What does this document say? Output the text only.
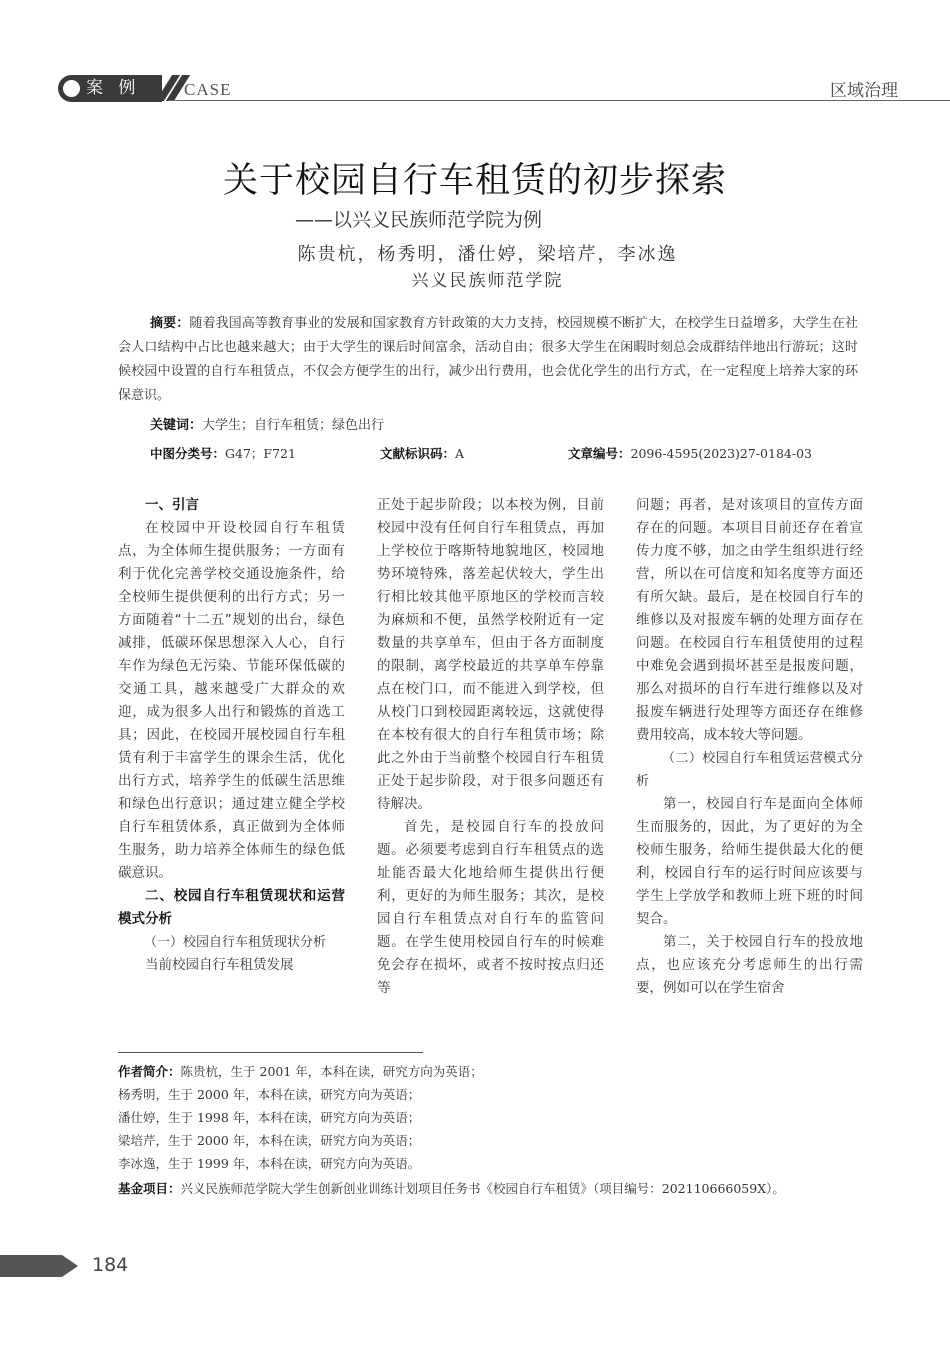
案 例	CASE	区域治理
关于校园自行车租赁的初步探索
——以兴义民族师范学院为例
陈贵杭，杨秀明，潘仕婷，梁培芹，李冰逸
兴义民族师范学院
摘要：随着我国高等教育事业的发展和国家教育方针政策的大力支持，校园规模不断扩大，在校学生日益增多，大学生在社会人口结构中占比也越来越大；由于大学生的课后时间富余，活动自由；很多大学生在闲暇时刻总会成群结伴地出行游玩；这时候校园中设置的自行车租赁点，不仅会方便学生的出行，减少出行费用，也会优化学生的出行方式，在一定程度上培养大家的环保意识。
关键词：大学生；自行车租赁；绿色出行
中图分类号：G47；F721	文献标识码：A	文章编号：2096-4595(2023)27-0184-03
一、引言

在校园中开设校园自行车租赁点，为全体师生提供服务；一方面有利于优化完善学校交通设施条件，给全校师生提供便利的出行方式；另一方面随着“十二五”规划的出台，绿色减排，低碳环保思想深入人心，自行车作为绿色无污染、节能环保低碳的交通工具，越来越受广大群众的欢迎，成为很多人出行和锻炼的首选工具；因此，在校园开展校园自行车租赁有利于丰富学生的课余生活，优化出行方式，培养学生的低碳生活思维和绿色出行意识；通过建立健全学校自行车租赁体系，真正做到为全体师生服务，助力培养全体师生的绿色低碳意识。

二、校园自行车租赁现状和运营模式分析
（一）校园自行车租赁现状分析

当前校园自行车租赁发展

正处于起步阶段；以本校为例，目前校园中没有任何自行车租赁点，再加上学校位于喀斯特地貌地区，校园地势环境特殊，落差起伏较大，学生出行相比较其他平原地区的学校而言较为麻烦和不便，虽然学校附近有一定数量的共享单车，但由于各方面制度的限制，离学校最近的共享单车停靠点在校门口，而不能进入到学校，但从校门口到校园距离较远，这就使得在本校有很大的自行车租赁市场；除此之外由于当前整个校园自行车租赁正处于起步阶段，对于很多问题还有待解决。

首先，是校园自行车的投放问题。必须要考虑到自行车租赁点的选址能否最大化地给师生提供出行便利，更好的为师生服务；其次，是校园自行车租赁点对自行车的监管问题。在学生使用校园自行车的时候难免会存在损坏，或者不按时按点归还等

问题；再者，是对该项目的宣传方面存在的问题。本项目目前还存在着宣传力度不够，加之由学生组织进行经营，所以在可信度和知名度等方面还有所欠缺。最后，是在校园自行车的维修以及对报废车辆的处理方面存在问题。在校园自行车租赁使用的过程中难免会遇到损坏甚至是报废问题，那么对损坏的自行车进行维修以及对报废车辆进行处理等方面还存在维修费用较高，成本较大等问题。

（二）校园自行车租赁运营模式分析

第一，校园自行车是面向全体师生而服务的，因此，为了更好的为全校师生服务，给师生提供最大化的便利，校园自行车的运行时间应该要与学生上学放学和教师上班下班的时间契合。

第二，关于校园自行车的投放地点，也应该充分考虑师生的出行需要，例如可以在学生宿舍

作者简介：陈贵杭，生于 2001 年，本科在读，研究方向为英语；
杨秀明，生于 2000 年，本科在读，研究方向为英语；
潘仕婷，生于 1998 年，本科在读，研究方向为英语；
梁培芹，生于 2000 年，本科在读，研究方向为英语；
李冰逸，生于 1999 年，本科在读，研究方向为英语。
基金项目：兴义民族师范学院大学生创新创业训练计划项目任务书《校园自行车租赁》（项目编号：202110666059X）。
184
